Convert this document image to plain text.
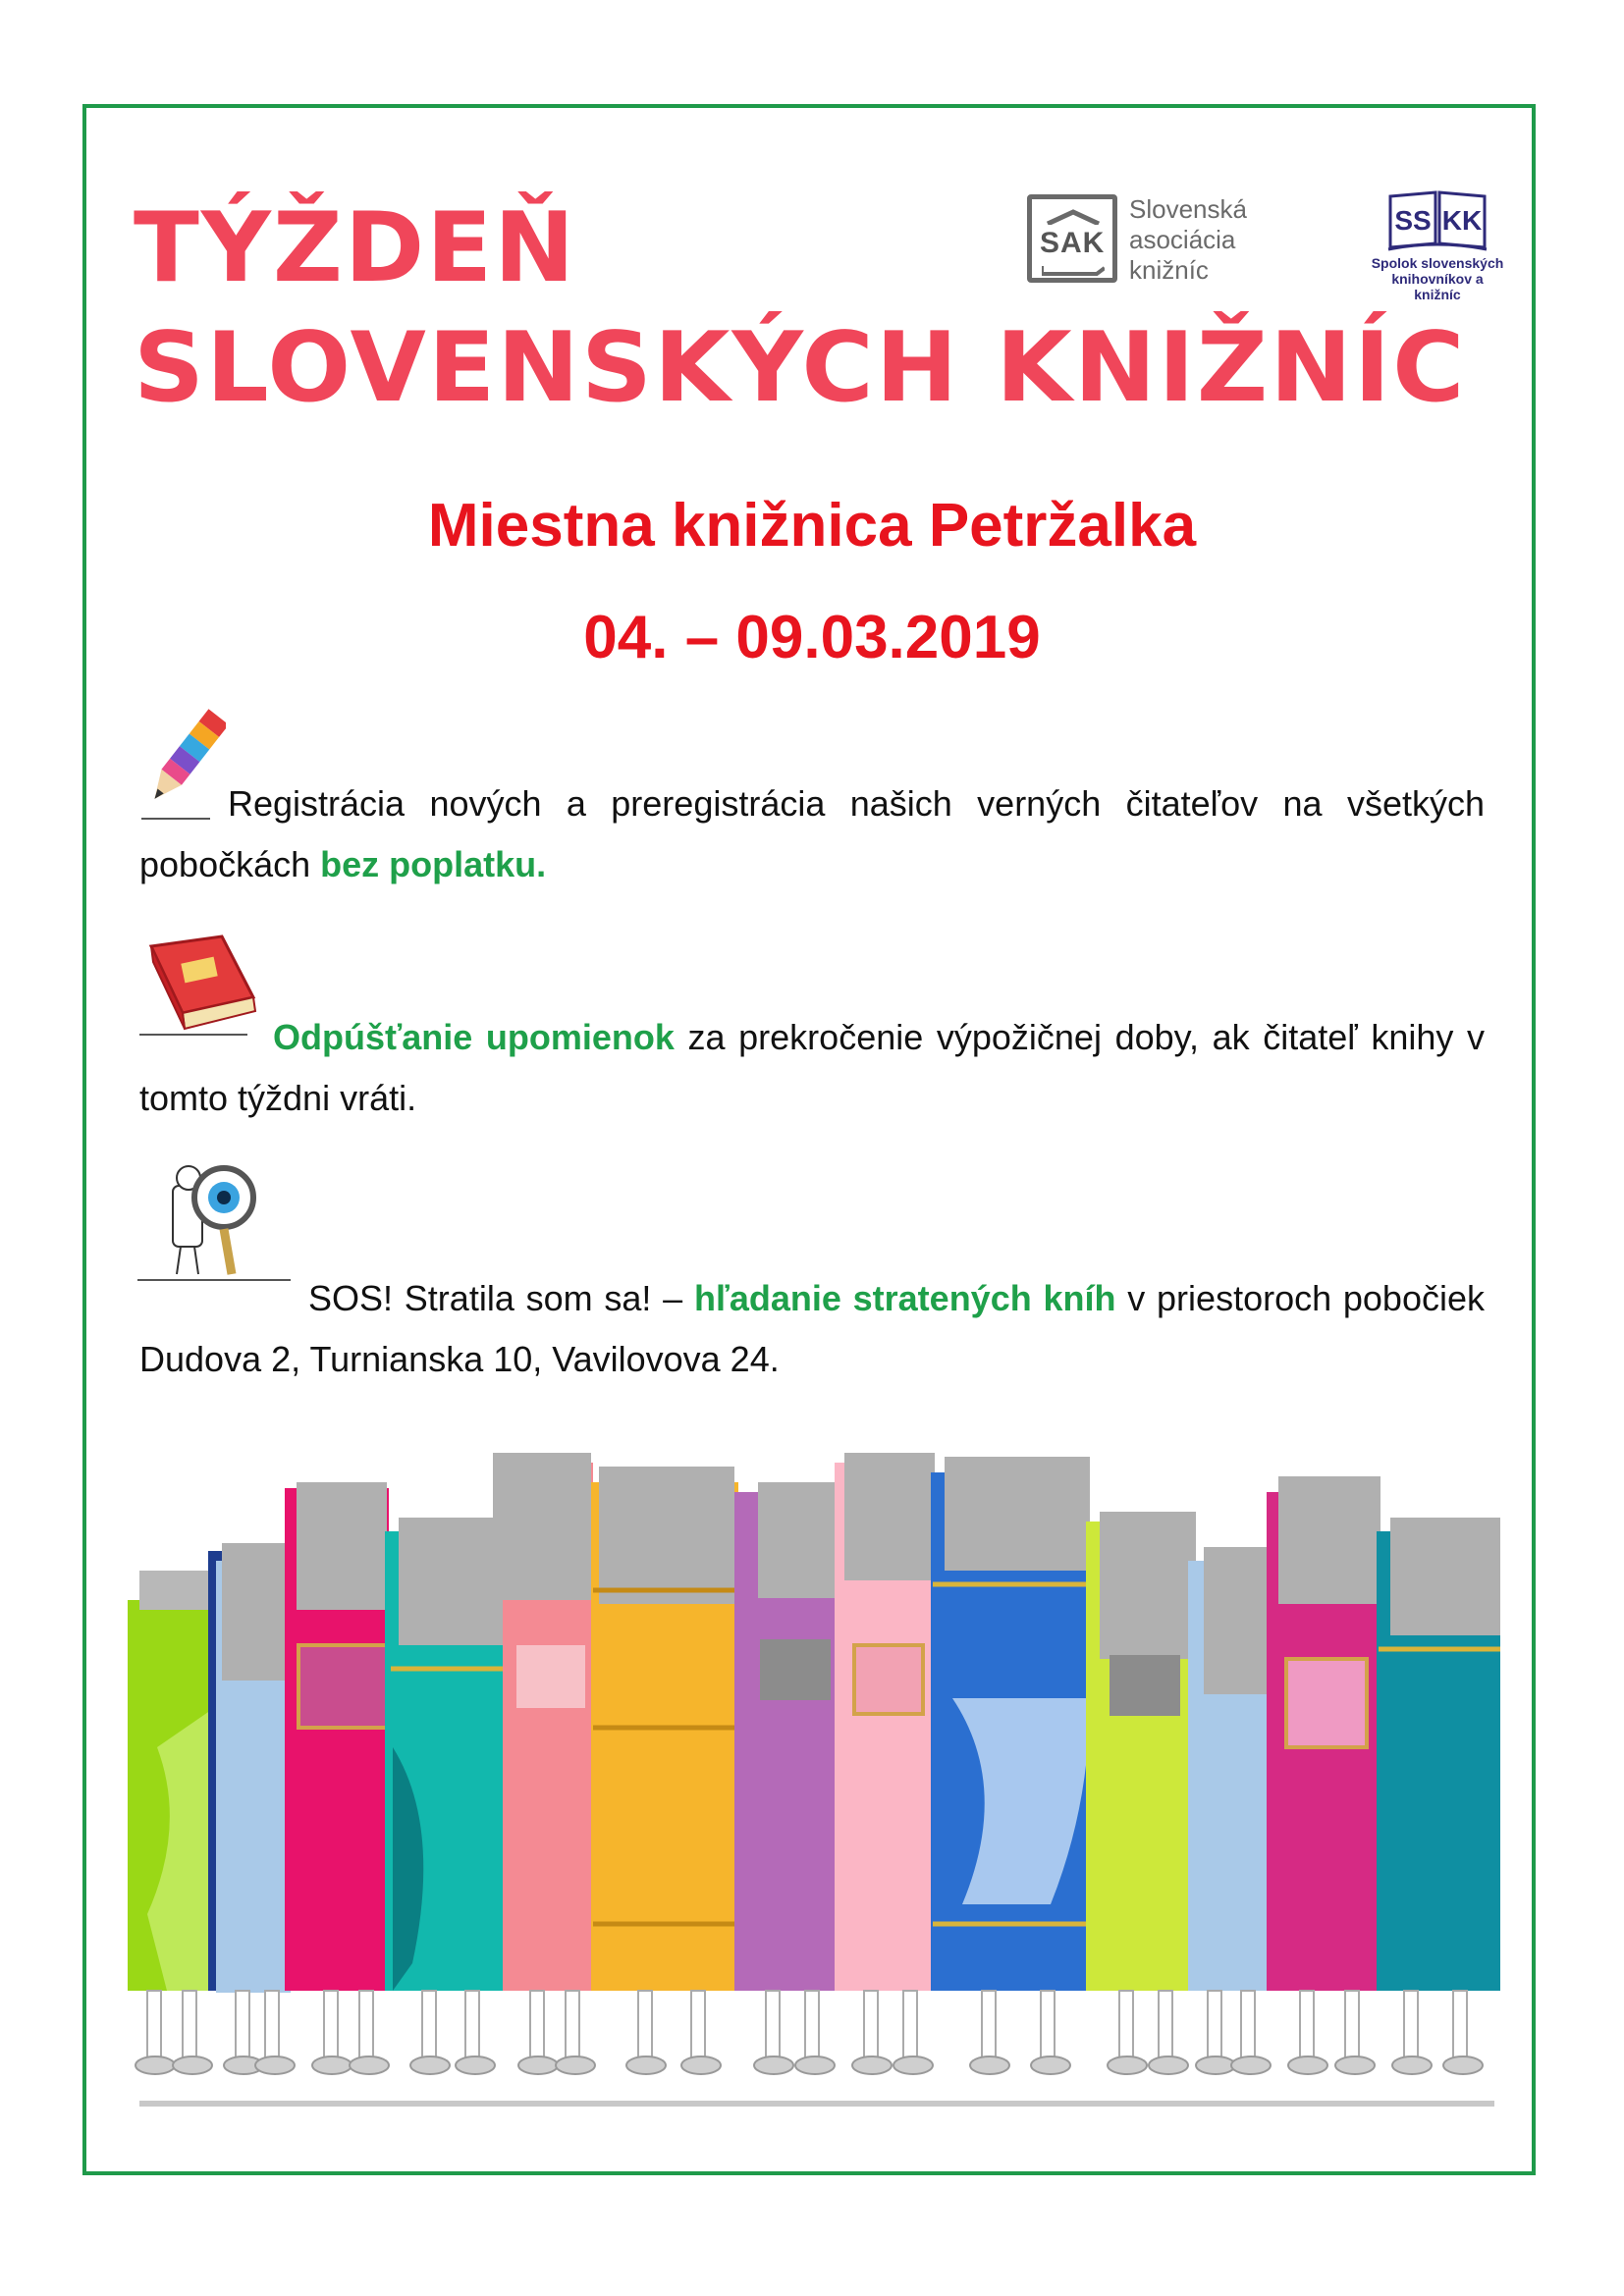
TÝŽDEŇ
SLOVENSKÝCH KNIŽNÍC
SAK
Slovenská
asociácia
knižníc
SS KK
Spolok slovenských
knihovníkov a knižníc
Miestna knižnica Petržalka
04. – 09.03.2019

Registrácia nových a preregistrácia našich verných čitateľov na všetkých pobočkách bez poplatku.

Odpúšťanie upomienok za prekročenie výpožičnej doby, ak čitateľ knihy v tomto týždni vráti.

SOS! Stratila som sa! – hľadanie stratených kníh v priestoroch pobočiek Dudova 2, Turnianska 10, Vavilovova 24.
